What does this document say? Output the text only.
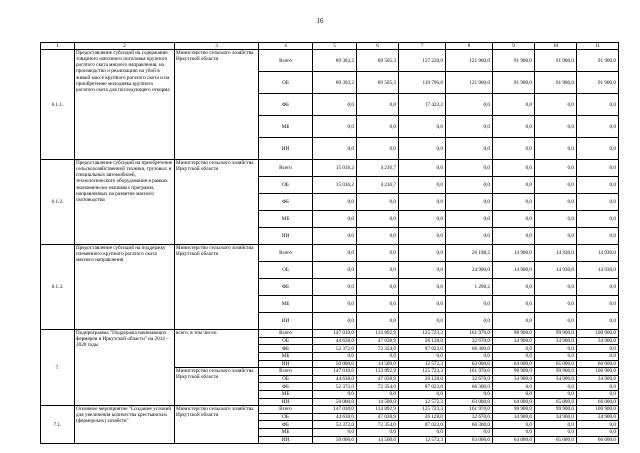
16
1	2	3	4	5	6	7	8	9	10	11
6.1.1.	Предоставление субсидий на содержание товарного маточного поголовья крупного рогатого скота мясного направления, на производство и реализацию на убой в живой массе крупного рогатого скота и на приобретение молодняка крупного рогатого скота для последующего откорма	Министерство сельского хозяйства Иркутской области	Всего	89 303,2	89 505,3	137 220,0	121 900,0	91 900,0	91 900,0	91 900,0
			ОБ	89 303,2	89 505,3	119 796,8	121 900,0	91 900,0	91 900,0	91 900,0
			ФБ	0,0	0,0	17 423,2	0,0	0,0	0,0	0,0
			МБ	0,0	0,0	0,0	0,0	0,0	0,0	0,0
			ИИ	0,0	0,0	0,0	0,0	0,0	0,0	0,0
6.1.2.	Предоставление субсидий на приобретение сельскохозяйственной техники, грузовых и специальных автомобилей, технологического оборудования в рамках экономически значимых программ, направленных на развитие мясного скотоводства	Министерство сельского хозяйства Иркутской области	Всего	15 016,2	4 216,7	0,0	0,0	0,0	0,0	0,0
			ОБ	15 016,2	4 216,7	0,0	0,0	0,0	0,0	0,0
			ФБ	0,0	0,0	0,0	0,0	0,0	0,0	0,0
			МБ	0,0	0,0	0,0	0,0	0,0	0,0	0,0
			ИИ	0,0	0,0	0,0	0,0	0,0	0,0	0,0
6.1.3.	Предоставление субсидий на поддержку племенного крупного рогатого скота мясного направления	Министерство сельского хозяйства Иркутской области	Всего	0,0	0,0	0,0	26 198,2	14 900,0	14 930,0	14 930,0
			ОБ	0,0	0,0	0,0	24 900,0	14 900,0	14 930,0	14 930,0
			ФБ	0,0	0,0	0,0	1 298,2	0,0	0,0	0,0
			МБ	0,0	0,0	0,0	0,0	0,0	0,0	0,0
			ИИ	0,0	0,0	0,0	0,0	0,0	0,0	0,0
7.	Подпрограмма "Поддержка начинающих фермеров в Иркутской области" на 2014 – 2020 годы	всего, в том числе:	Всего	147 010,0	133 892,9	125 723,3	161 970,0	98 900,0	99 900,0	100 900,0
			ОБ	44 638,0	47 038,9	26 128,0	32 670,0	34 900,0	34 900,0	34 900,0
			ФБ	52 372,0	72 354,0	87 023,0	66 300,0	0,0	0,0	0,0
			МБ	0,0	0,0	0,0	0,0	0,0	0,0	0,0
			ИИ	50 000,0	14 500,0	12 572,3	63 000,0	64 000,0	65 000,0	66 000,0
		Министерство сельского хозяйства Иркутской области	Всего	147 010,0	133 892,9	125 723,3	161 970,0	98 900,0	99 900,0	100 900,0
			ОБ	44 638,0	47 038,9	26 128,0	32 670,0	34 900,0	34 900,0	34 900,0
			ФБ	52 372,0	72 354,0	87 023,0	66 300,0	0,0	0,0	0,0
			МБ	0,0	0,0	0,0	0,0	0,0	0,0	0,0
			ИИ	50 000,0	14 500,0	12 572,3	63 000,0	64 000,0	65 000,0	66 000,0
7.1.	Основное мероприятие "Создание условий для увеличения количества крестьянских (фермерских) хозяйств"	Министерство сельского хозяйства Иркутской области	Всего	147 010,0	133 892,9	125 723,3	161 970,0	98 900,0	99 900,0	100 900,0
			ОБ	44 638,0	47 038,9	26 128,0	32 670,0	34 900,0	34 900,0	34 900,0
			ФБ	52 372,0	72 354,0	87 023,0	66 300,0	0,0	0,0	0,0
			МБ	0,0	0,0	0,0	0,0	0,0	0,0	0,0
			ИИ	50 000,0	14 500,0	12 572,3	63 000,0	64 000,0	65 000,0	66 000,0
